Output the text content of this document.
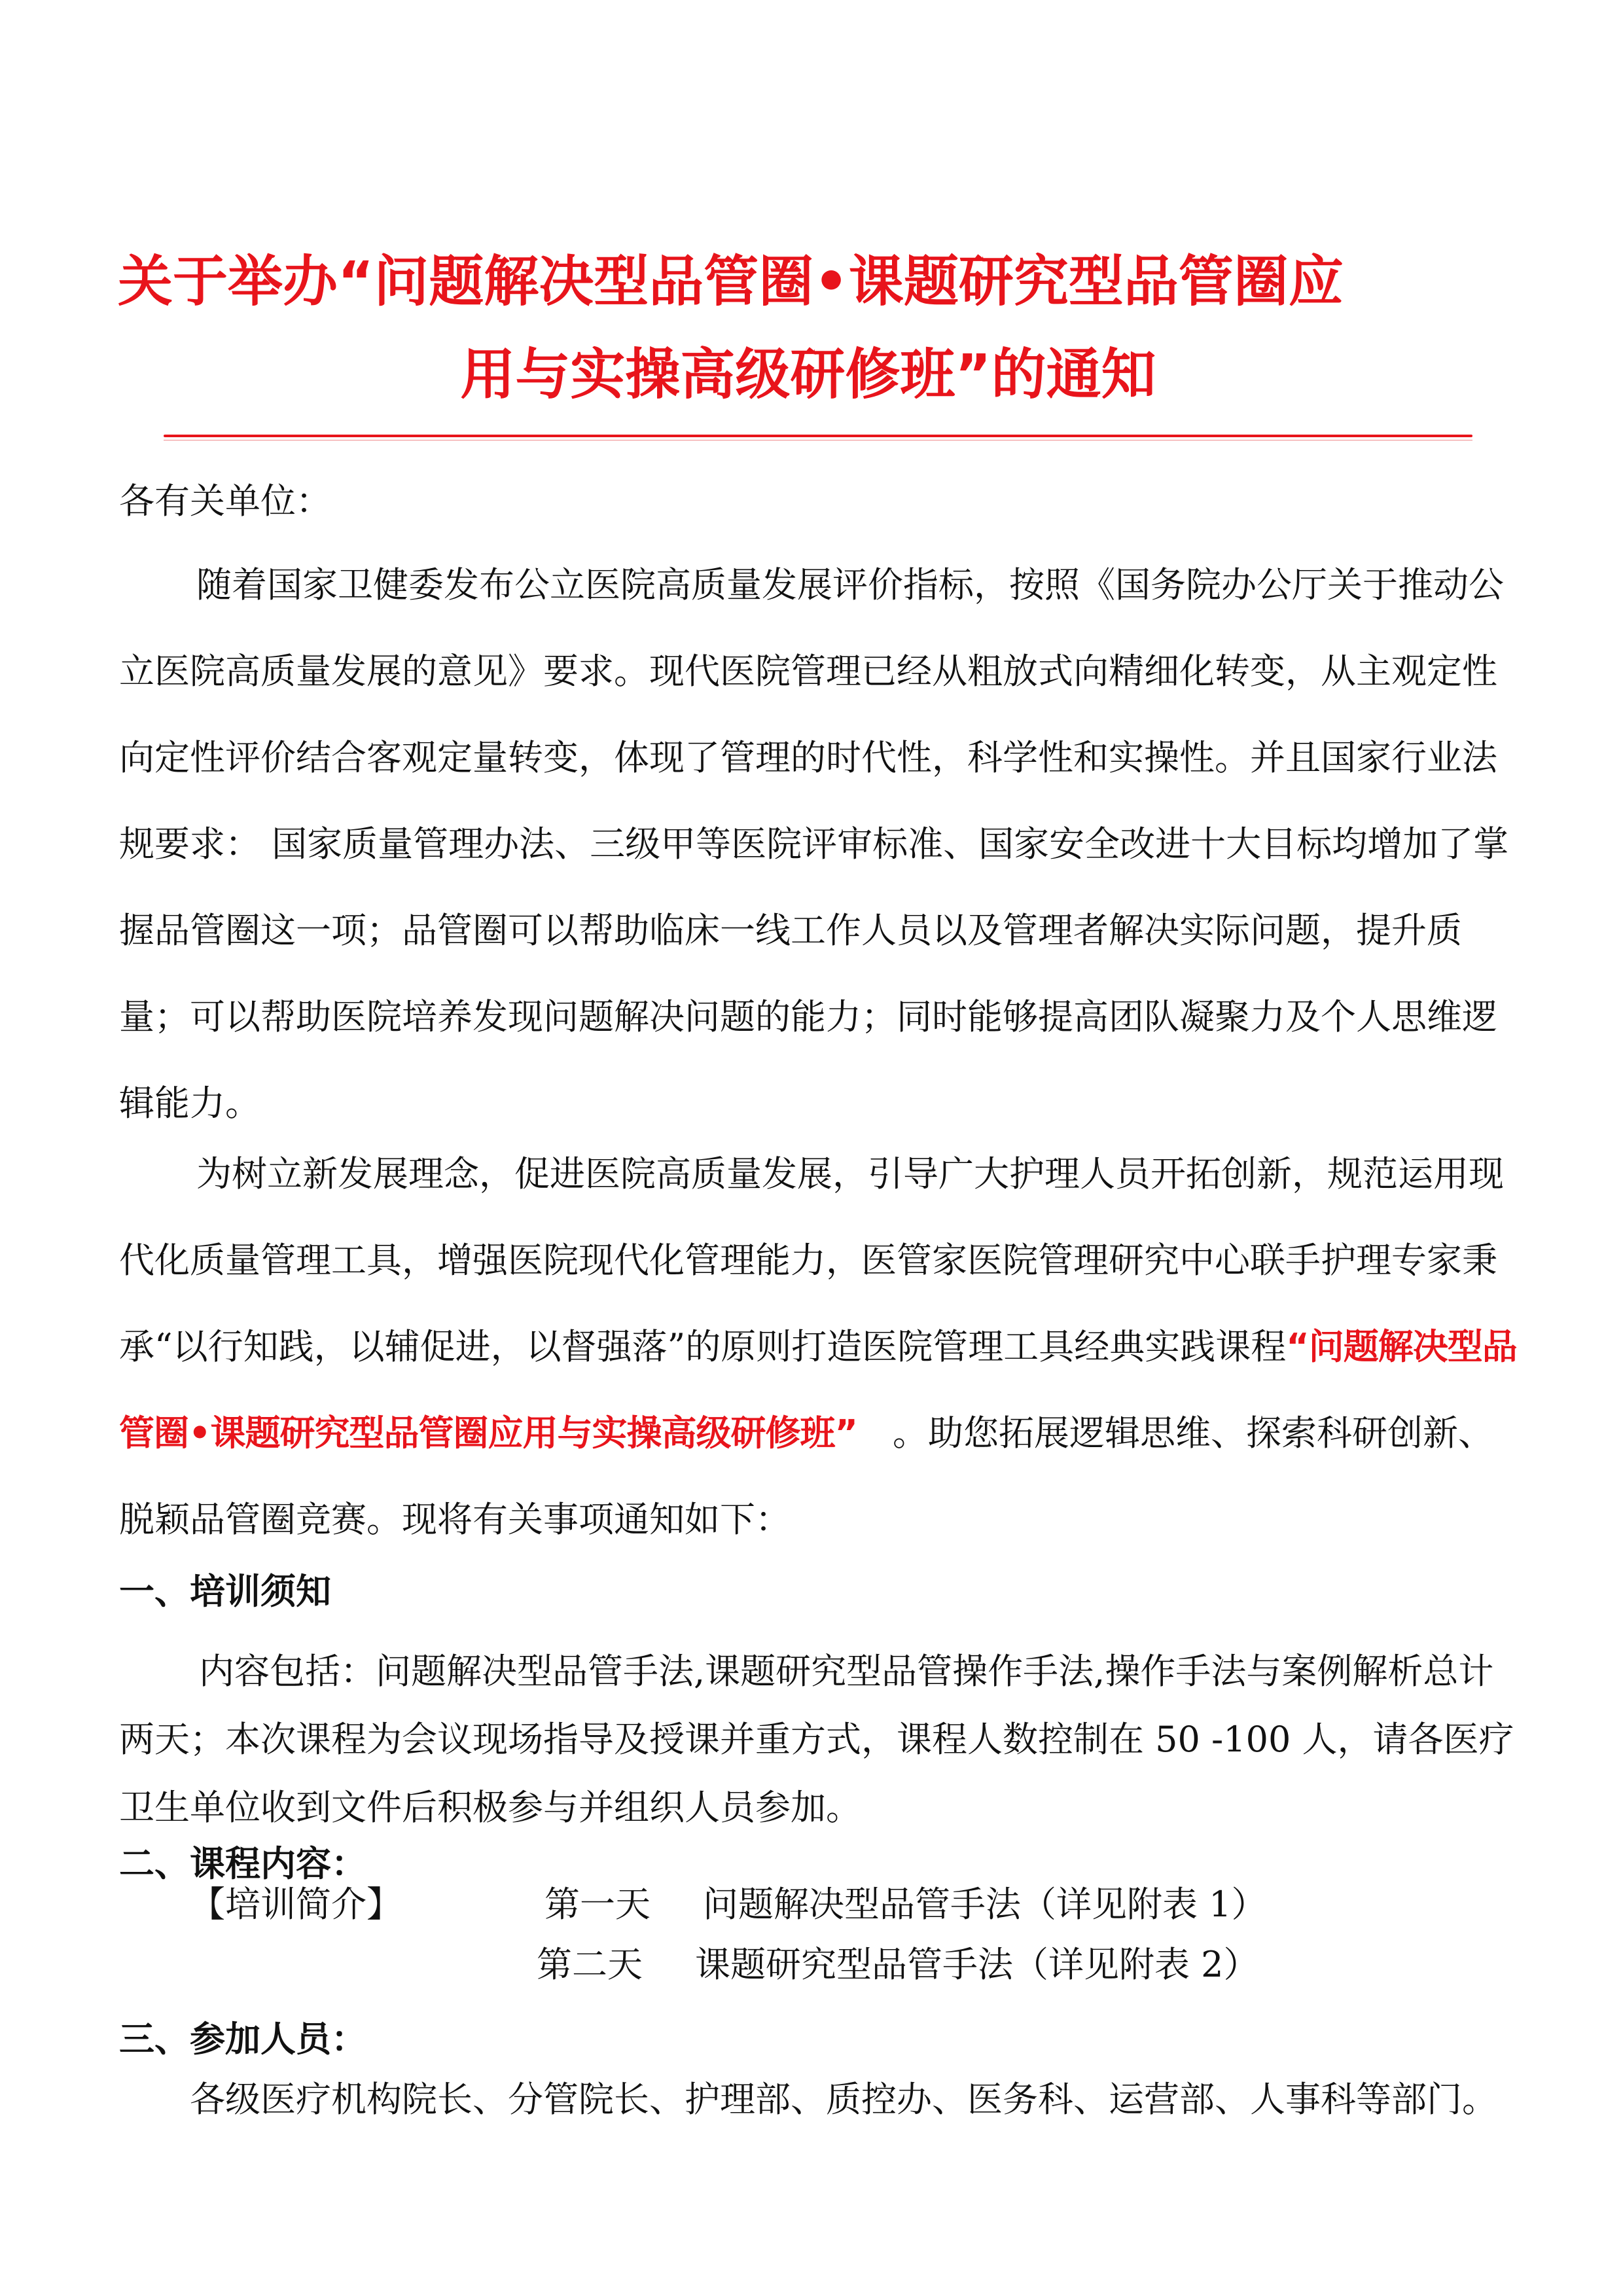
关于举办“问题解决型品管圈•课题研究型品管圈应
用与实操高级研修班”的通知

各有关单位：

随着国家卫健委发布公立医院高质量发展评价指标，按照《国务院办公厅关于推动公立医院高质量发展的意见》要求。现代医院管理已经从粗放式向精细化转变，从主观定性向定性评价结合客观定量转变，体现了管理的时代性，科学性和实操性。并且国家行业法规要求： 国家质量管理办法、三级甲等医院评审标准、国家安全改进十大目标均增加了掌握品管圈这一项；品管圈可以帮助临床一线工作人员以及管理者解决实际问题，提升质量；可以帮助医院培养发现问题解决问题的能力；同时能够提高团队凝聚力及个人思维逻辑能力。

为树立新发展理念，促进医院高质量发展，引导广大护理人员开拓创新，规范运用现代化质量管理工具，增强医院现代化管理能力，医管家医院管理研究中心联手护理专家秉承“以行知践，以辅促进，以督强落”的原则打造医院管理工具经典实践课程“问题解决型品管圈•课题研究型品管圈应用与实操高级研修班”　。助您拓展逻辑思维、探索科研创新、脱颖品管圈竞赛。现将有关事项通知如下：

一、培训须知

内容包括：问题解决型品管手法,课题研究型品管操作手法,操作手法与案例解析总计两天；本次课程为会议现场指导及授课并重方式，课程人数控制在 50 -100 人，请各医疗卫生单位收到文件后积极参与并组织人员参加。

二、课程内容：
【培训简介】	第一天 问题解决型品管手法（详见附表 1）
第二天 课题研究型品管手法（详见附表 2）
三、参加人员：

各级医疗机构院长、分管院长、护理部、质控办、医务科、运营部、人事科等部门。
